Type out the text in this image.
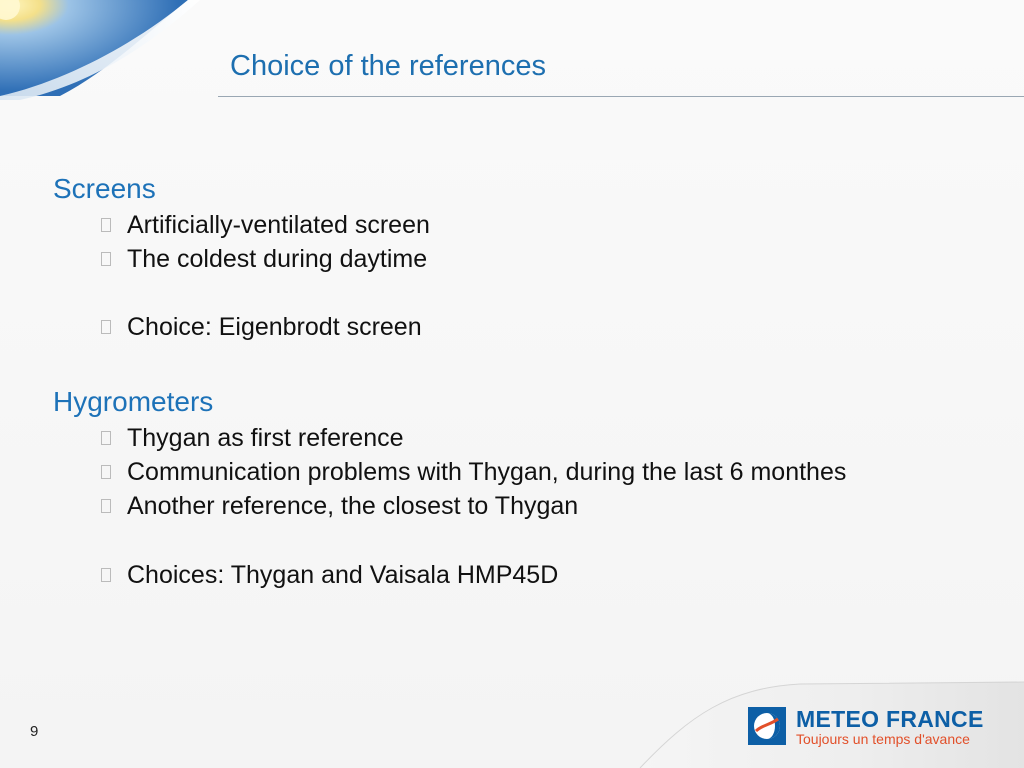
Choice of the references
Screens
Artificially-ventilated screen
The coldest during daytime
Choice: Eigenbrodt screen
Hygrometers
Thygan as first reference
Communication problems with Thygan, during the last 6 monthes
Another reference, the closest to Thygan
Choices: Thygan and Vaisala HMP45D
9	METEO FRANCE
Toujours un temps d'avance
